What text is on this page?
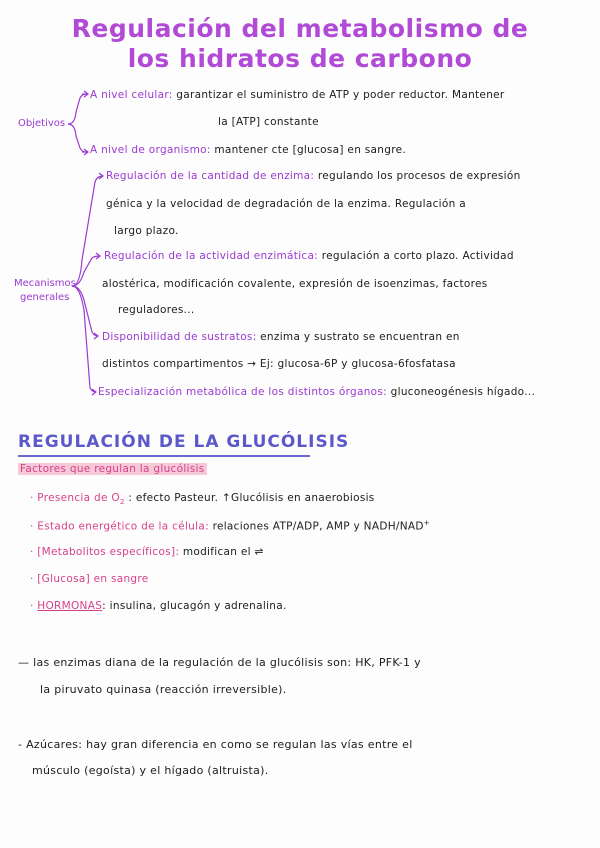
Regulación del metabolismo de
los hidratos de carbono
Objetivos
A nivel celular: garantizar el suministro de ATP y poder reductor. Mantener
la [ATP] constante
A nivel de organismo: mantener cte [glucosa] en sangre.
Mecanismos
generales
Regulación de la cantidad de enzima: regulando los procesos de expresión
génica y la velocidad de degradación de la enzima. Regulación a
largo plazo.
Regulación de la actividad enzimática: regulación a corto plazo. Actividad
alostérica, modificación covalente, expresión de isoenzimas, factores
reguladores...
Disponibilidad de sustratos: enzima y sustrato se encuentran en
distintos compartimentos → Ej: glucosa-6P y glucosa-6fosfatasa
Especialización metabólica de los distintos órganos: gluconeogénesis hígado...
REGULACIÓN DE LA GLUCÓLISIS
Factores que regulan la glucólisis
· Presencia de $O_2$ : efecto Pasteur. ↑Glucólisis en anaerobiosis
· Estado energético de la célula: relaciones ATP/ADP, AMP y NADH/NAD+
· [Metabolitos específicos]: modifican el ⇌
· [Glucosa] en sangre
· HORMONAS: insulina, glucagón y adrenalina.
— las enzimas diana de la regulación de la glucólisis son: HK, PFK-1 y
la piruvato quinasa (reacción irreversible).
- Azúcares: hay gran diferencia en como se regulan las vías entre el
músculo (egoísta) y el hígado (altruista).
